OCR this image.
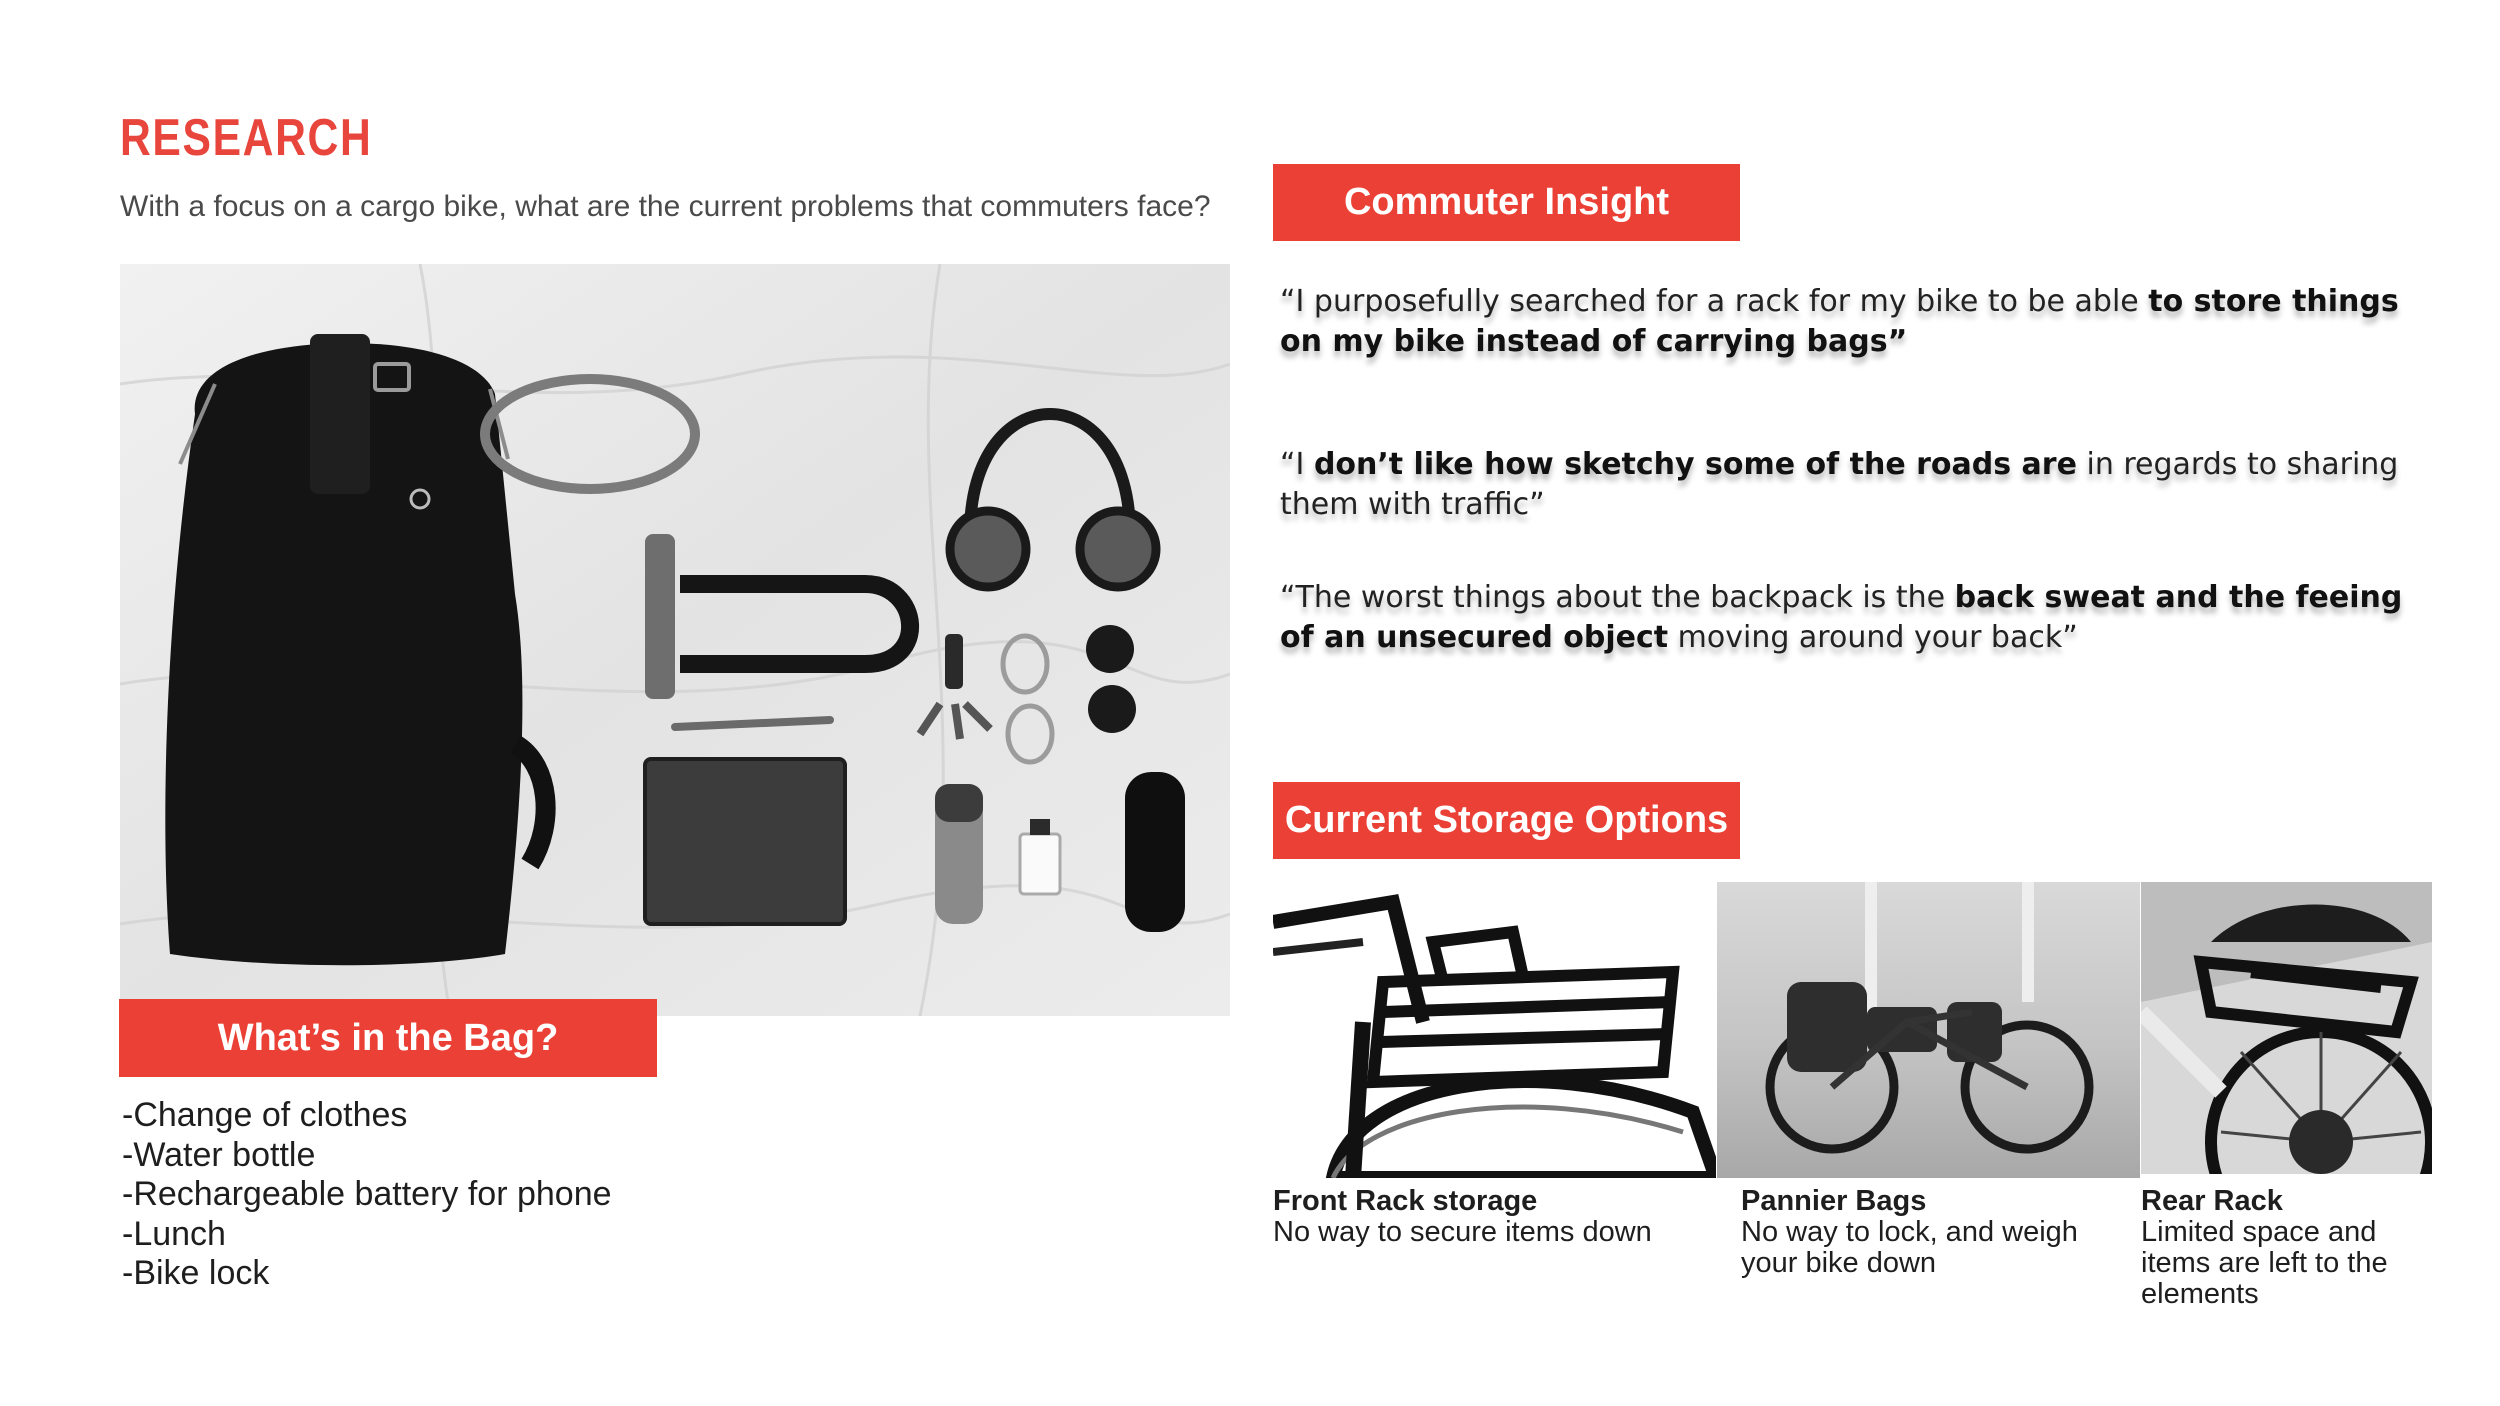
RESEARCH
With a focus on a cargo bike, what are the current problems that commuters face?
What’s in the Bag?
-Change of clothes
-Water bottle
-Rechargeable battery for phone
-Lunch
-Bike lock
Commuter Insight
“I purposefully searched for a rack for my bike to be able to store things on my bike instead of carrying bags”
“I don’t like how sketchy some of the roads are in regards to sharing them with traffic”
“The worst things about the backpack is the back sweat and the feeing of an unsecured object moving around your back”
Current Storage Options
Front Rack storage
No way to secure items down
Pannier Bags
No way to lock, and weigh your bike down
Rear Rack
Limited space and items are left to the elements
